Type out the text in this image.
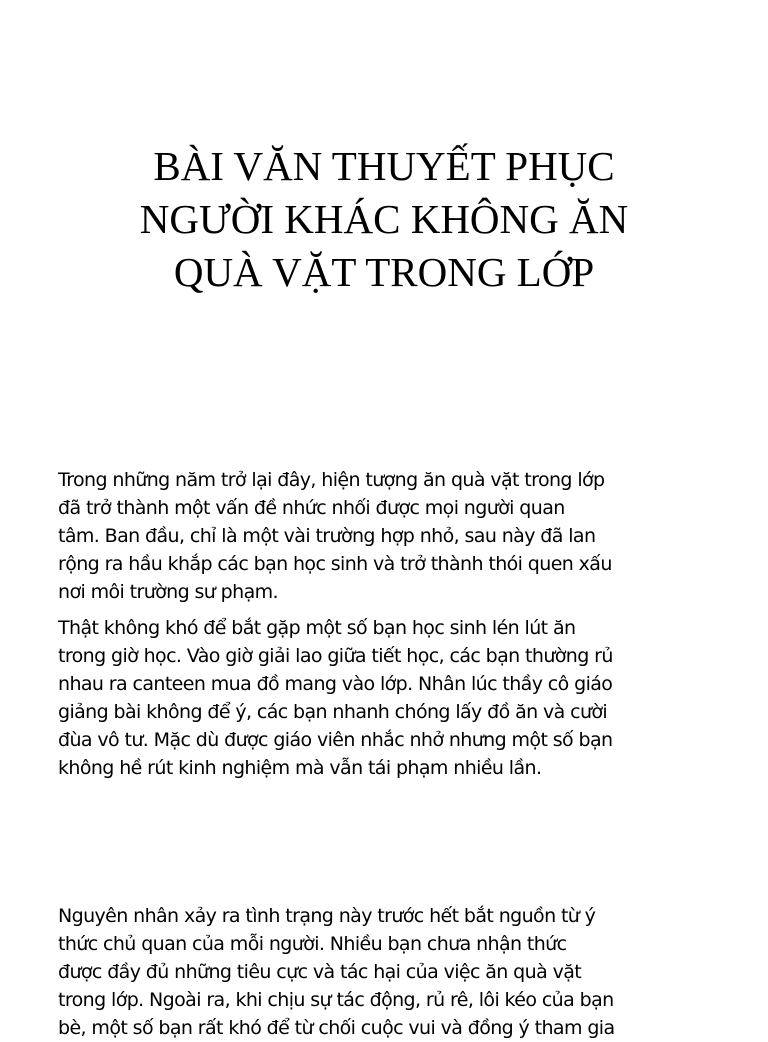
BÀI VĂN THUYẾT PHỤC
NGƯỜI KHÁC KHÔNG ĂN
QUÀ VẶT TRONG LỚP

Trong những năm trở lại đây, hiện tượng ăn quà vặt trong lớp
đã trở thành một vấn đề nhức nhối được mọi người quan
tâm. Ban đầu, chỉ là một vài trường hợp nhỏ, sau này đã lan
rộng ra hầu khắp các bạn học sinh và trở thành thói quen xấu
nơi môi trường sư phạm.

Thật không khó để bắt gặp một số bạn học sinh lén lút ăn
trong giờ học. Vào giờ giải lao giữa tiết học, các bạn thường rủ
nhau ra canteen mua đồ mang vào lớp. Nhân lúc thầy cô giáo
giảng bài không để ý, các bạn nhanh chóng lấy đồ ăn và cười
đùa vô tư. Mặc dù được giáo viên nhắc nhở nhưng một số bạn
không hề rút kinh nghiệm mà vẫn tái phạm nhiều lần.

Nguyên nhân xảy ra tình trạng này trước hết bắt nguồn từ ý
thức chủ quan của mỗi người. Nhiều bạn chưa nhận thức
được đầy đủ những tiêu cực và tác hại của việc ăn quà vặt
trong lớp. Ngoài ra, khi chịu sự tác động, rủ rê, lôi kéo của bạn
bè, một số bạn rất khó để từ chối cuộc vui và đồng ý tham gia
